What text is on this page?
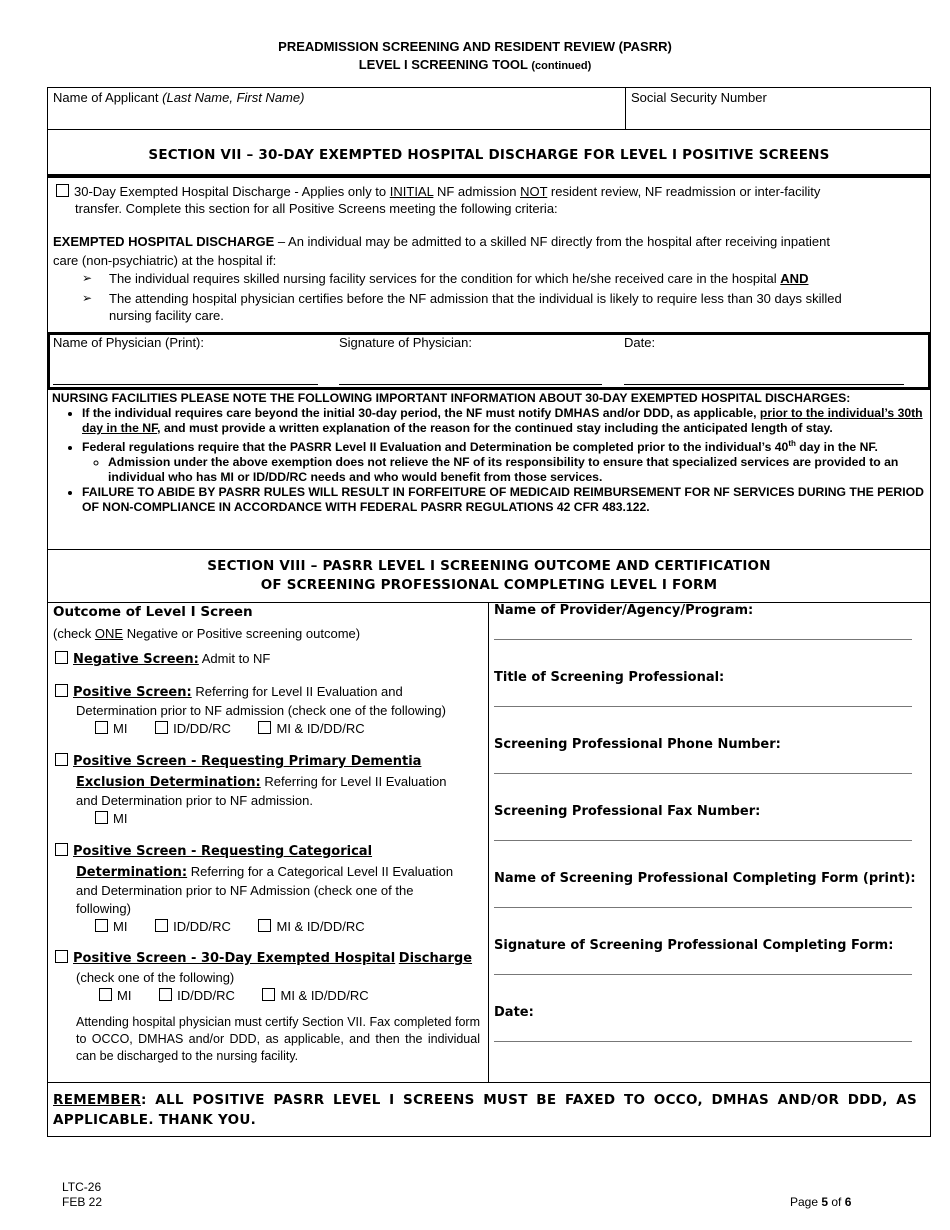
PREADMISSION SCREENING AND RESIDENT REVIEW (PASRR)
LEVEL I SCREENING TOOL (continued)
Name of Applicant (Last Name, First Name)	Social Security Number
SECTION VII – 30-DAY EXEMPTED HOSPITAL DISCHARGE FOR LEVEL I POSITIVE SCREENS
30-Day Exempted Hospital Discharge - Applies only to INITIAL NF admission NOT resident review, NF readmission or inter-facility
transfer. Complete this section for all Positive Screens meeting the following criteria:
EXEMPTED HOSPITAL DISCHARGE – An individual may be admitted to a skilled NF directly from the hospital after receiving inpatient
care (non-psychiatric) at the hospital if:
➢ The individual requires skilled nursing facility services for the condition for which he/she received care in the hospital AND
➢ The attending hospital physician certifies before the NF admission that the individual is likely to require less than 30 days skilled
nursing facility care.
Name of Physician (Print):	Signature of Physician:	Date:
NURSING FACILITIES PLEASE NOTE THE FOLLOWING IMPORTANT INFORMATION ABOUT 30-DAY EXEMPTED HOSPITAL DISCHARGES:
• If the individual requires care beyond the initial 30-day period, the NF must notify DMHAS and/or DDD, as applicable, prior to the individual’s 30th day in the NF, and must provide a written explanation of the reason for the continued stay including the anticipated length of stay.
• Federal regulations require that the PASRR Level II Evaluation and Determination be completed prior to the individual’s 40th day in the NF.
◦ Admission under the above exemption does not relieve the NF of its responsibility to ensure that specialized services are provided to an individual who has MI or ID/DD/RC needs and who would benefit from those services.
• FAILURE TO ABIDE BY PASRR RULES WILL RESULT IN FORFEITURE OF MEDICAID REIMBURSEMENT FOR NF SERVICES DURING THE PERIOD OF NON-COMPLIANCE IN ACCORDANCE WITH FEDERAL PASRR REGULATIONS 42 CFR 483.122.
SECTION VIII – PASRR LEVEL I SCREENING OUTCOME AND CERTIFICATION
OF SCREENING PROFESSIONAL COMPLETING LEVEL I FORM
Outcome of Level I Screen
(check ONE Negative or Positive screening outcome)
Negative Screen: Admit to NF
Positive Screen: Referring for Level II Evaluation and
Determination prior to NF admission (check one of the following)
MI	ID/DD/RC	MI & ID/DD/RC
Positive Screen - Requesting Primary Dementia
Exclusion Determination: Referring for Level II Evaluation
and Determination prior to NF admission.
MI
Positive Screen - Requesting Categorical
Determination: Referring for a Categorical Level II Evaluation
and Determination prior to NF Admission (check one of the
following)
MI	ID/DD/RC	MI & ID/DD/RC
Positive Screen - 30-Day Exempted Hospital Discharge
(check one of the following)
MI	ID/DD/RC	MI & ID/DD/RC
Attending hospital physician must certify Section VII. Fax completed form to OCCO, DMHAS and/or DDD, as applicable, and then the individual can be discharged to the nursing facility.
Name of Provider/Agency/Program:
Title of Screening Professional:
Screening Professional Phone Number:
Screening Professional Fax Number:
Name of Screening Professional Completing Form (print):
Signature of Screening Professional Completing Form:
Date:
REMEMBER: ALL POSITIVE PASRR LEVEL I SCREENS MUST BE FAXED TO OCCO, DMHAS AND/OR DDD, AS APPLICABLE. THANK YOU.
LTC-26
FEB 22	Page 5 of 6
